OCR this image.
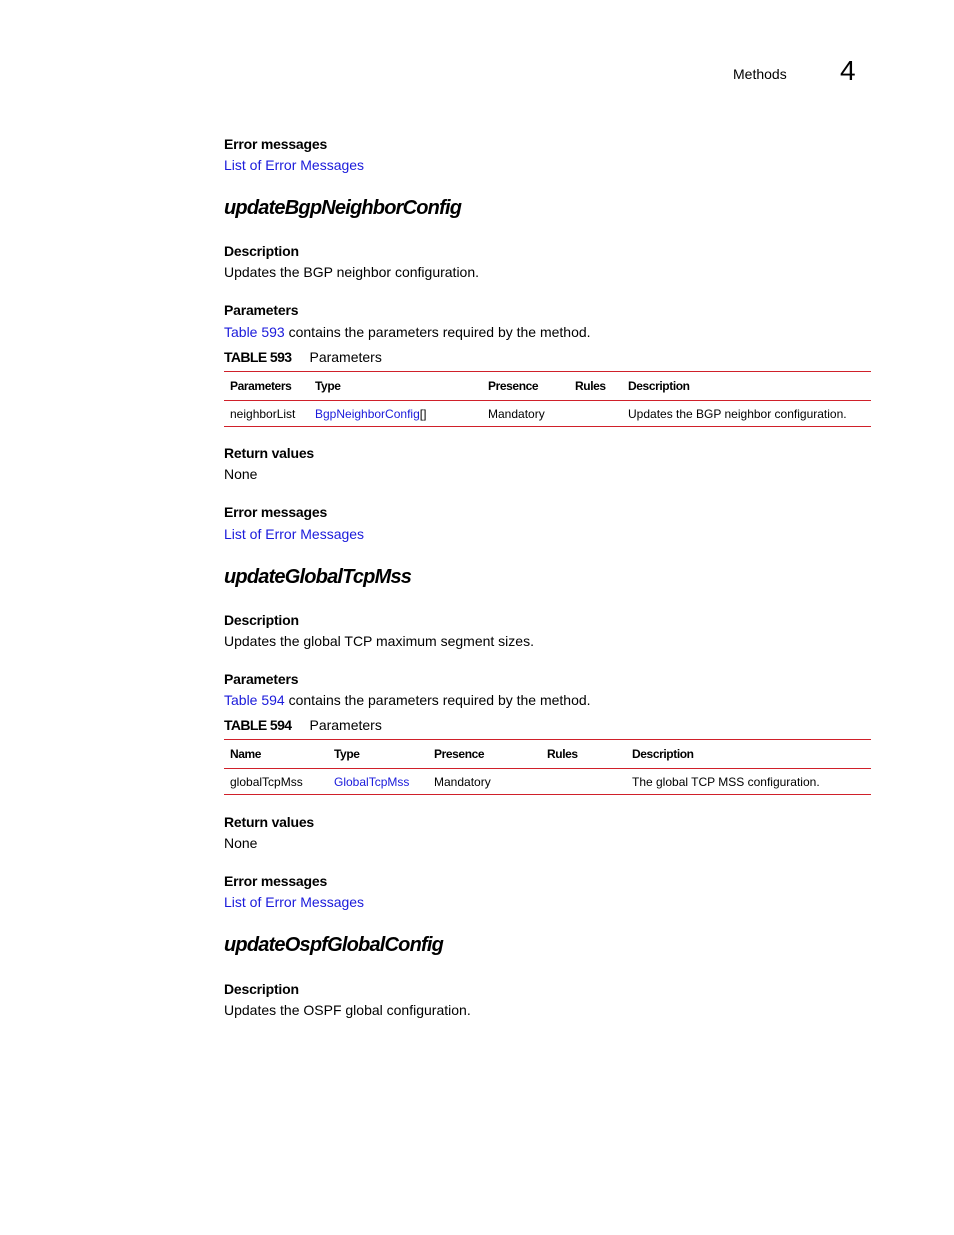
Methods 4
Error messages
List of Error Messages
updateBgpNeighborConfig
Description
Updates the BGP neighbor configuration.
Parameters
Table 593 contains the parameters required by the method.
TABLE 593 Parameters
Parameters	Type	Presence	Rules	Description
neighborList	BgpNeighborConfig[]	Mandatory		Updates the BGP neighbor configuration.
Return values
None
Error messages
List of Error Messages
updateGlobalTcpMss
Description
Updates the global TCP maximum segment sizes.
Parameters
Table 594 contains the parameters required by the method.
TABLE 594 Parameters
Name	Type	Presence	Rules	Description
globalTcpMss	GlobalTcpMss	Mandatory		The global TCP MSS configuration.
Return values
None
Error messages
List of Error Messages
updateOspfGlobalConfig
Description
Updates the OSPF global configuration.
